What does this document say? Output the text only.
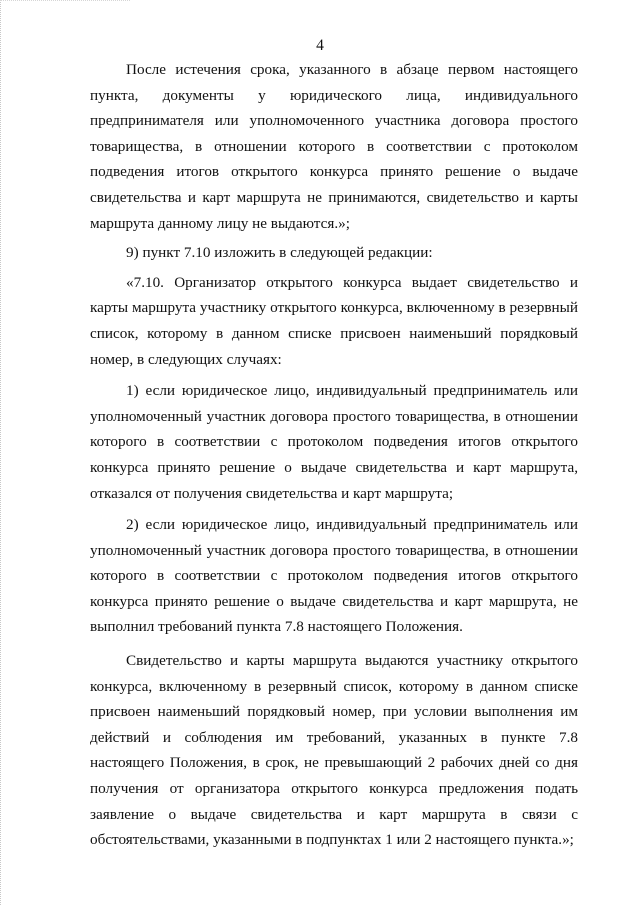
4

После истечения срока, указанного в абзаце первом настоящего пункта, документы у юридического лица, индивидуального предпринимателя или уполномоченного участника договора простого товарищества, в отношении которого в соответствии с протоколом подведения итогов открытого конкурса принято решение о выдаче свидетельства и карт маршрута не принимаются, свидетельство и карты маршрута данному лицу не выдаются.»;

9) пункт 7.10 изложить в следующей редакции:

«7.10. Организатор открытого конкурса выдает свидетельство и карты маршрута участнику открытого конкурса, включенному в резервный список, которому в данном списке присвоен наименьший порядковый номер, в следующих случаях:

1) если юридическое лицо, индивидуальный предприниматель или уполномоченный участник договора простого товарищества, в отношении которого в соответствии с протоколом подведения итогов открытого конкурса принято решение о выдаче свидетельства и карт маршрута, отказался от получения свидетельства и карт маршрута;

2) если юридическое лицо, индивидуальный предприниматель или уполномоченный участник договора простого товарищества, в отношении которого в соответствии с протоколом подведения итогов открытого конкурса принято решение о выдаче свидетельства и карт маршрута, не выполнил требований пункта 7.8 настоящего Положения.

Свидетельство и карты маршрута выдаются участнику открытого конкурса, включенному в резервный список, которому в данном списке присвоен наименьший порядковый номер, при условии выполнения им действий и соблюдения им требований, указанных в пункте 7.8 настоящего Положения, в срок, не превышающий 2 рабочих дней со дня получения от организатора открытого конкурса предложения подать заявление о выдаче свидетельства и карт маршрута в связи с обстоятельствами, указанными в подпунктах 1 или 2 настоящего пункта.»;
